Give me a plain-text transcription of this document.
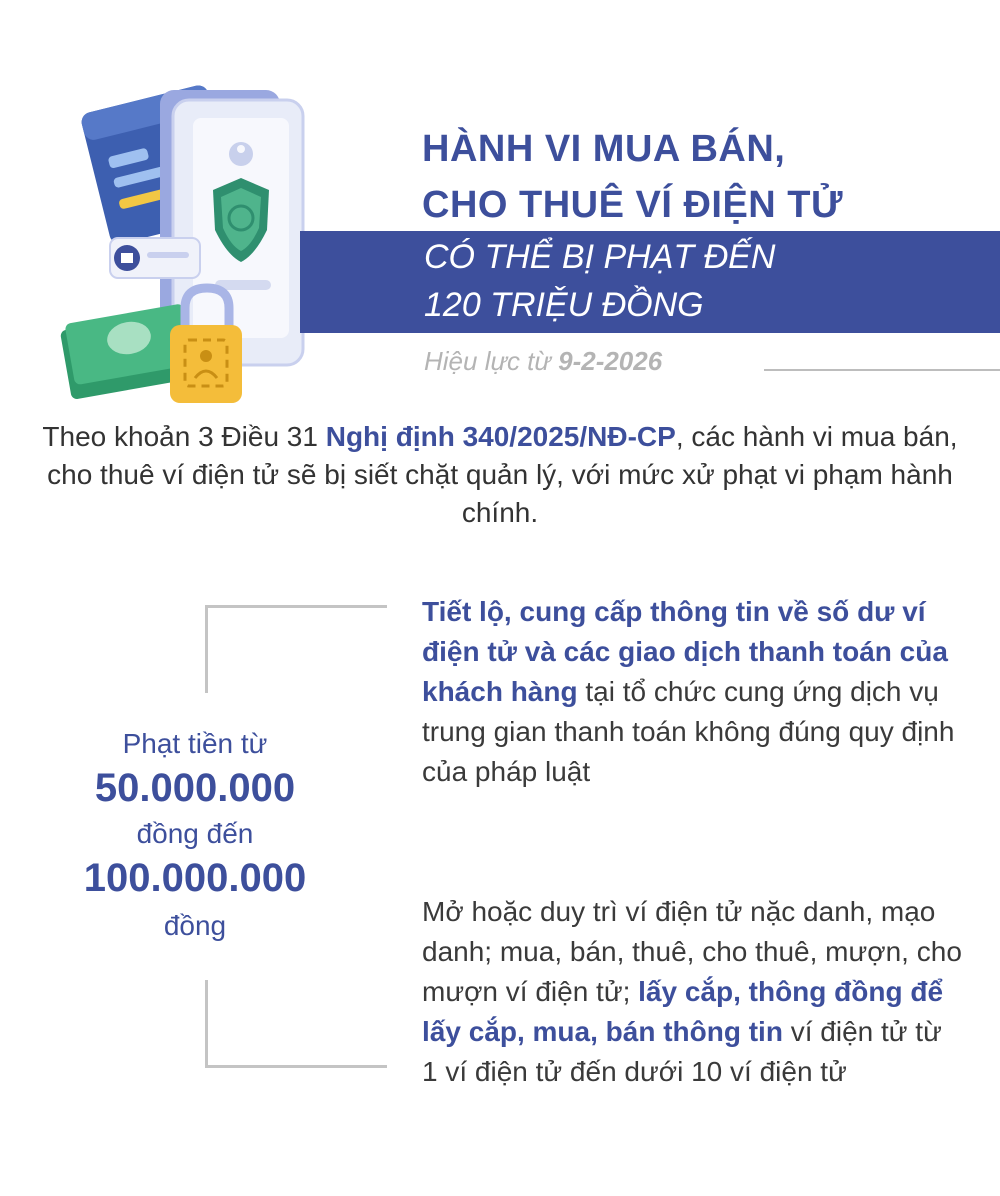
HÀNH VI MUA BÁN,
CHO THUÊ VÍ ĐIỆN TỬ
CÓ THỂ BỊ PHẠT ĐẾN
120 TRIỆU ĐỒNG
Hiệu lực từ 9-2-2026
Theo khoản 3 Điều 31 Nghị định 340/2025/NĐ-CP, các hành vi mua bán, cho thuê ví điện tử sẽ bị siết chặt quản lý, với mức xử phạt vi phạm hành chính.
Phạt tiền từ
50.000.000
đồng đến
100.000.000
đồng
Tiết lộ, cung cấp thông tin về số dư ví điện tử và các giao dịch thanh toán của khách hàng tại tổ chức cung ứng dịch vụ trung gian thanh toán không đúng quy định của pháp luật
Mở hoặc duy trì ví điện tử nặc danh, mạo danh; mua, bán, thuê, cho thuê, mượn, cho mượn ví điện tử; lấy cắp, thông đồng để lấy cắp, mua, bán thông tin ví điện tử từ 1 ví điện tử đến dưới 10 ví điện tử
